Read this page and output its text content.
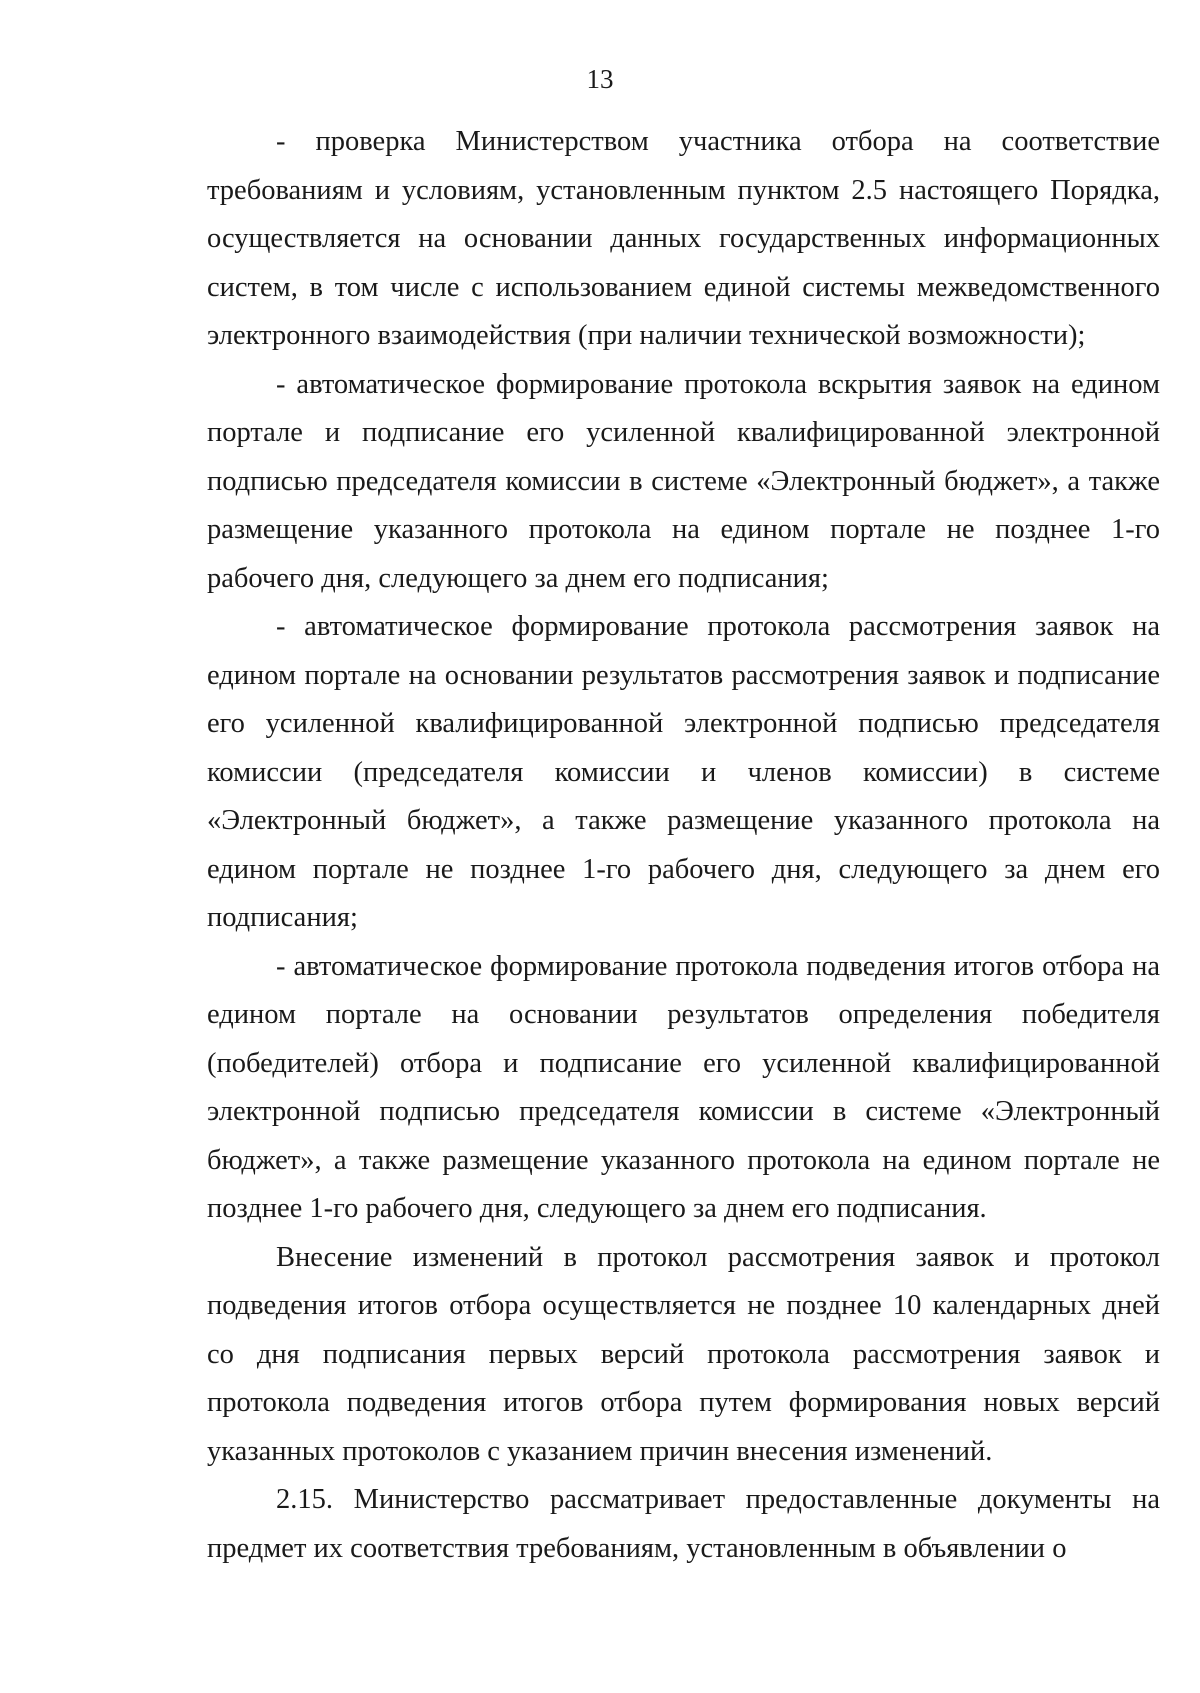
13

- проверка Министерством участника отбора на соответствие требованиям и условиям, установленным пунктом 2.5 настоящего Порядка, осуществляется на основании данных государственных информационных систем, в том числе с использованием единой системы межведомственного электронного взаимодействия (при наличии технической возможности);

- автоматическое формирование протокола вскрытия заявок на едином портале и подписание его усиленной квалифицированной электронной подписью председателя комиссии в системе «Электронный бюджет», а также размещение указанного протокола на едином портале не позднее 1-го рабочего дня, следующего за днем его подписания;

- автоматическое формирование протокола рассмотрения заявок на едином портале на основании результатов рассмотрения заявок и подписание его усиленной квалифицированной электронной подписью председателя комиссии (председателя комиссии и членов комиссии) в системе «Электронный бюджет», а также размещение указанного протокола на едином портале не позднее 1-го рабочего дня, следующего за днем его подписания;

- автоматическое формирование протокола подведения итогов отбора на едином портале на основании результатов определения победителя (победителей) отбора и подписание его усиленной квалифицированной электронной подписью председателя комиссии в системе «Электронный бюджет», а также размещение указанного протокола на едином портале не позднее 1-го рабочего дня, следующего за днем его подписания.

Внесение изменений в протокол рассмотрения заявок и протокол подведения итогов отбора осуществляется не позднее 10 календарных дней со дня подписания первых версий протокола рассмотрения заявок и протокола подведения итогов отбора путем формирования новых версий указанных протоколов с указанием причин внесения изменений.

2.15. Министерство рассматривает предоставленные документы на предмет их соответствия требованиям, установленным в объявлении о
